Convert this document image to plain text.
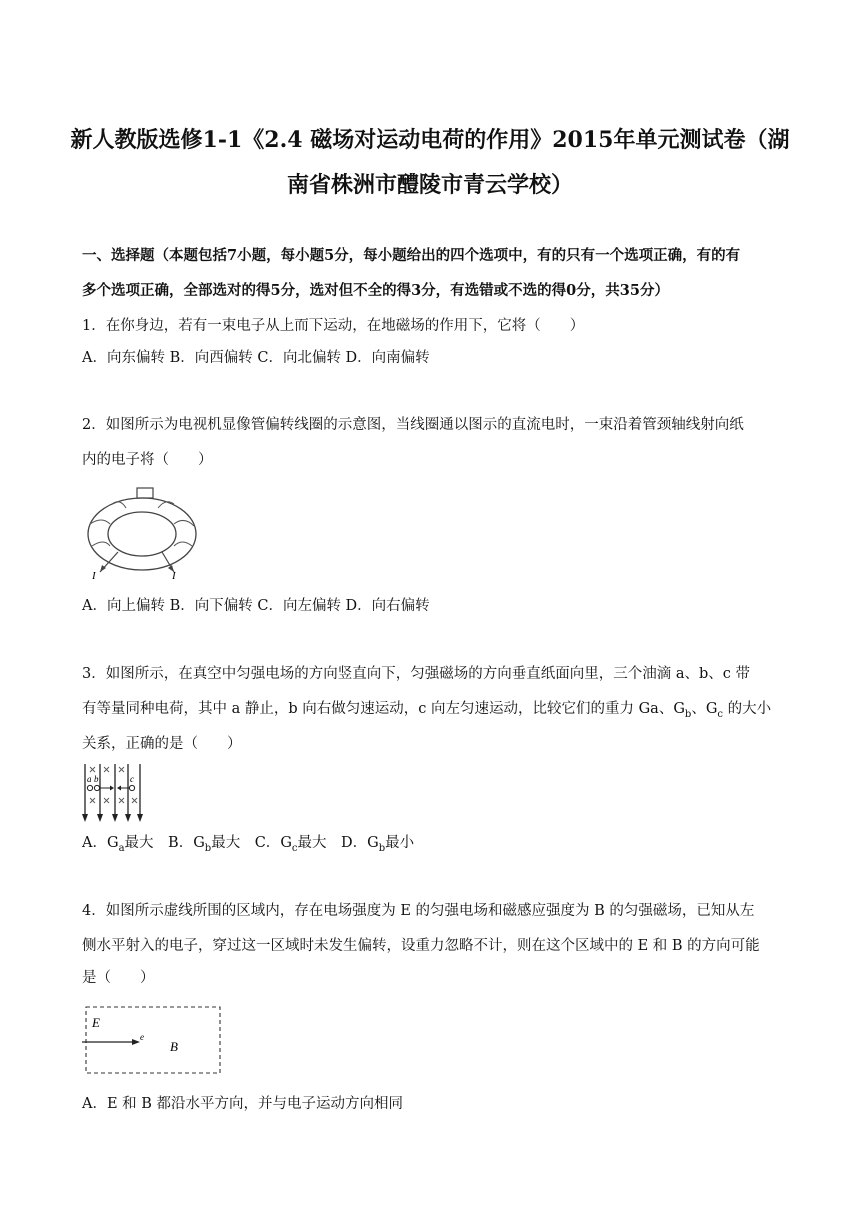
新人教版选修1-1《2.4 磁场对运动电荷的作用》2015年单元测试卷（湖
南省株洲市醴陵市青云学校）
一、选择题（本题包括7小题，每小题5分，每小题给出的四个选项中，有的只有一个选项正确，有的有
多个选项正确，全部选对的得5分，选对但不全的得3分，有选错或不选的得0分，共35分）
1．在你身边，若有一束电子从上而下运动，在地磁场的作用下，它将（　　）
A．向东偏转 B．向西偏转 C．向北偏转 D．向南偏转
2．如图所示为电视机显像管偏转线圈的示意图，当线圈通以图示的直流电时，一束沿着管颈轴线射向纸
内的电子将（　　）
I	I
A．向上偏转 B．向下偏转 C．向左偏转 D．向右偏转
3．如图所示，在真空中匀强电场的方向竖直向下，匀强磁场的方向垂直纸面向里，三个油滴 a、b、c 带
有等量同种电荷，其中 a 静止，b 向右做匀速运动，c 向左匀速运动，比较它们的重力 Ga、$G_b$、$G_c$ 的大小
关系，正确的是（　　）
a b	c
A．$G_a$最大　B．$G_b$最大　C．$G_c$最大　D．$G_b$最小
4．如图所示虚线所围的区域内，存在电场强度为 E 的匀强电场和磁感应强度为 B 的匀强磁场，已知从左
侧水平射入的电子，穿过这一区域时未发生偏转，设重力忽略不计，则在这个区域中的 E 和 B 的方向可能
是（　　）
E
e
B
A．E 和 B 都沿水平方向，并与电子运动方向相同
